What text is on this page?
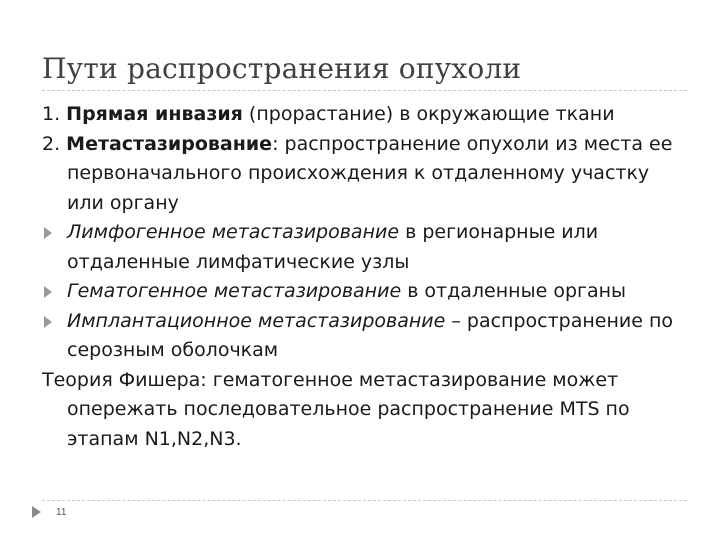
Пути распространения опухоли

1. Прямая инвазия (прорастание) в окружающие ткани

2. Метастазирование: распространение опухоли из места ее первоначального происхождения к отдаленному участку или органу

Лимфогенное метастазирование в регионарные или отдаленные лимфатические узлы

Гематогенное метастазирование в отдаленные органы

Имплантационное метастазирование – распространение по серозным оболочкам

Теория Фишера: гематогенное метастазирование может опережать последовательное распространение MTS по этапам N1,N2,N3.

11
